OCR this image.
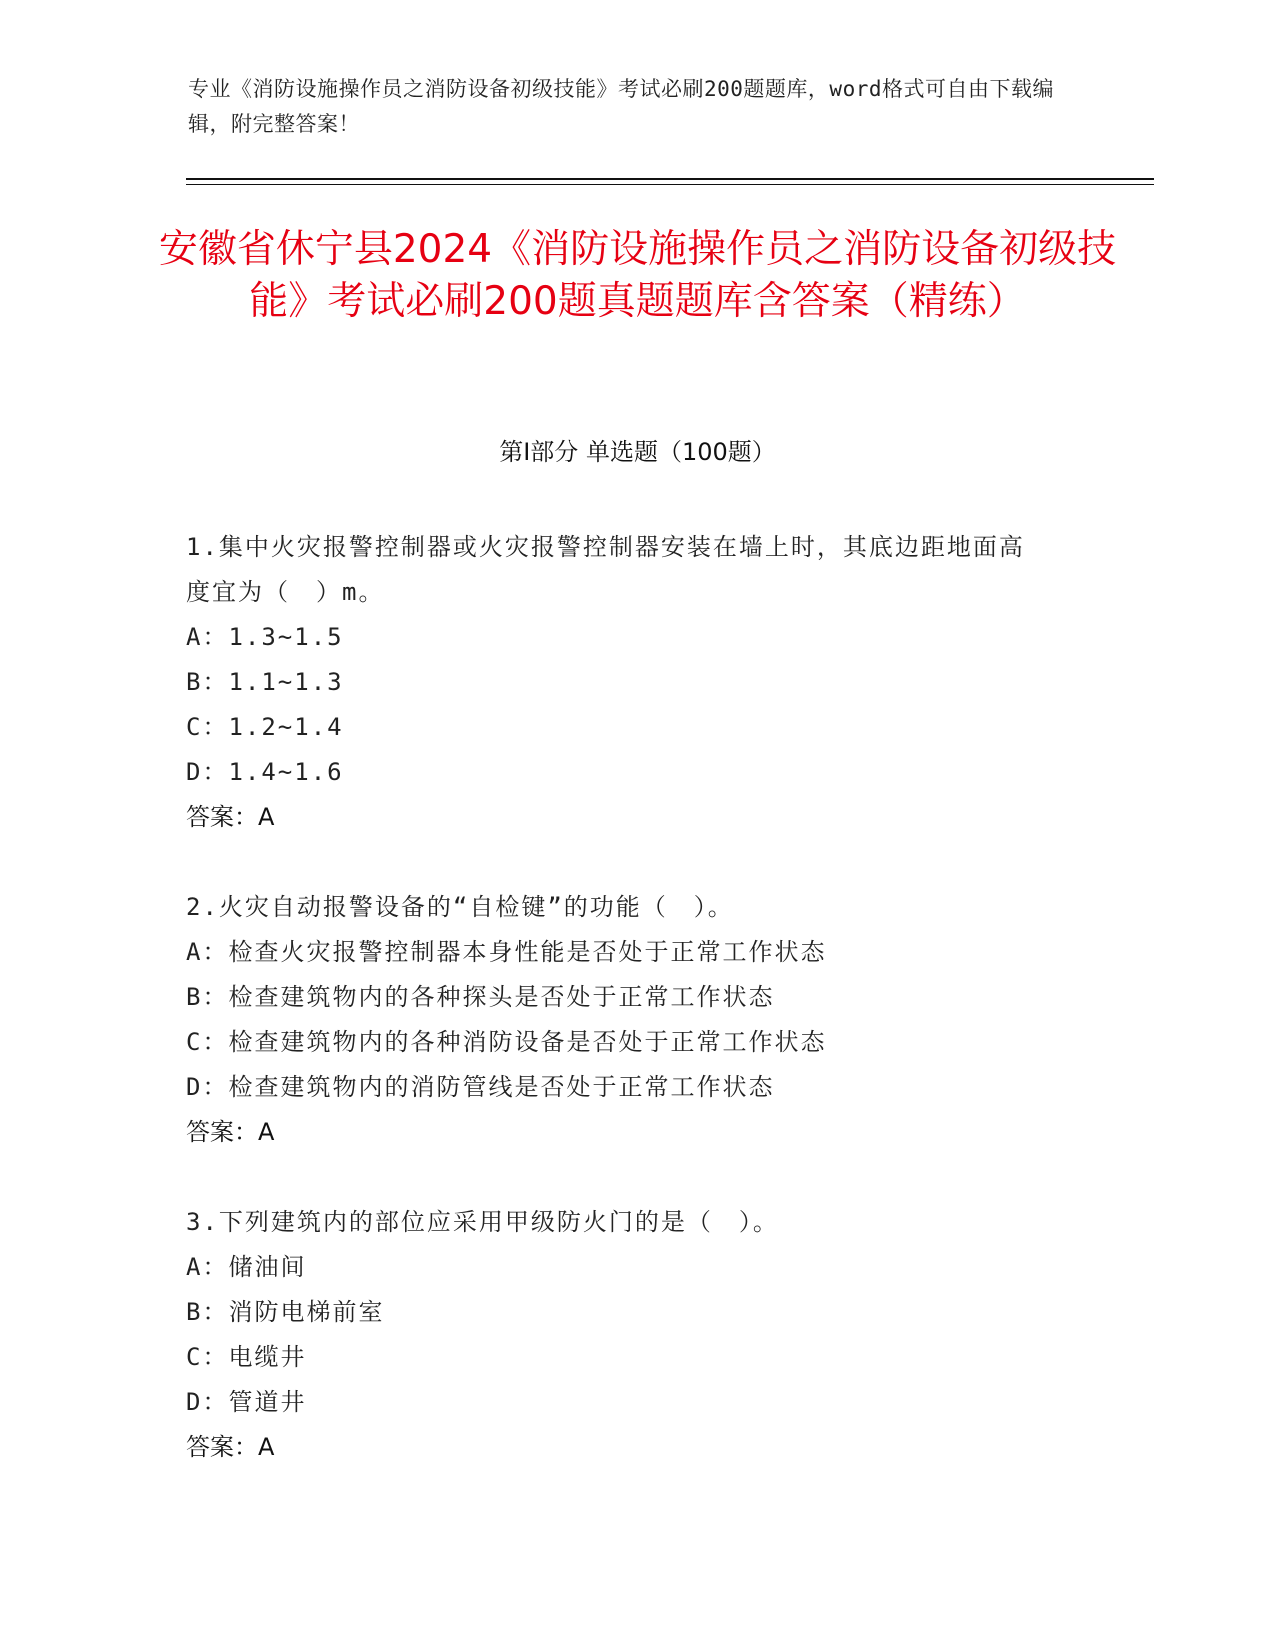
专业《消防设施操作员之消防设备初级技能》考试必刷200题题库，word格式可自由下载编辑，附完整答案！
安徽省休宁县2024《消防设施操作员之消防设备初级技能》考试必刷200题真题题库含答案（精练）
第Ⅰ部分 单选题（100题）
1.集中火灾报警控制器或火灾报警控制器安装在墙上时，其底边距地面高度宜为（　）m。
A：1.3~1.5
B：1.1~1.3
C：1.2~1.4
D：1.4~1.6
答案：A
2.火灾自动报警设备的“自检键”的功能（　）。
A：检查火灾报警控制器本身性能是否处于正常工作状态
B：检查建筑物内的各种探头是否处于正常工作状态
C：检查建筑物内的各种消防设备是否处于正常工作状态
D：检查建筑物内的消防管线是否处于正常工作状态
答案：A
3.下列建筑内的部位应采用甲级防火门的是（　）。
A：储油间
B：消防电梯前室
C：电缆井
D：管道井
答案：A
